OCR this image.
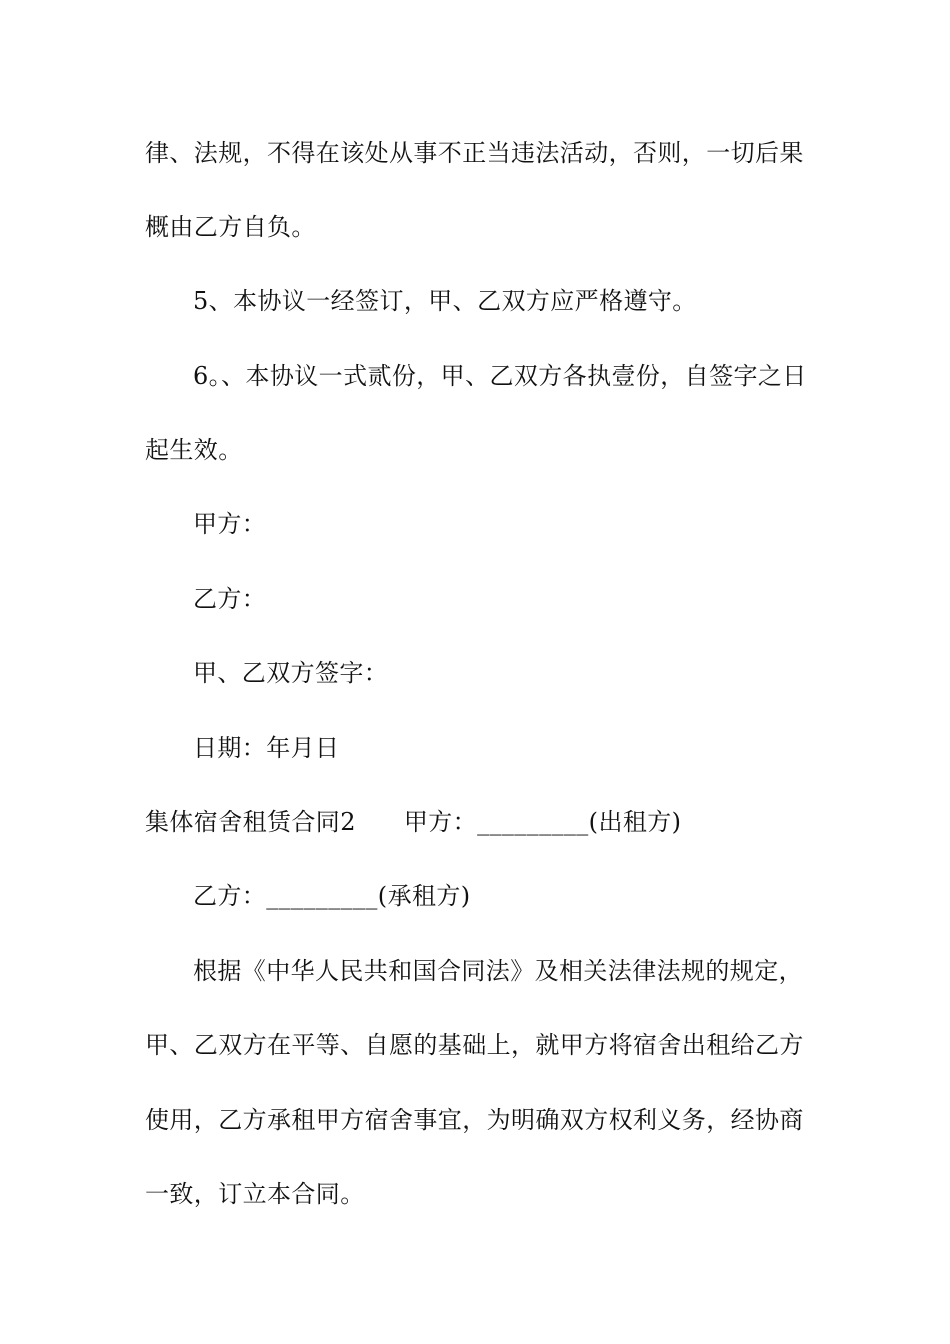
律、法规，不得在该处从事不正当违法活动，否则，一切后果
概由乙方自负。
5、本协议一经签订，甲、乙双方应严格遵守。
6。、本协议一式贰份，甲、乙双方各执壹份，自签字之日
起生效。
甲方：
乙方：
甲、乙双方签字：
日期：年月日
集体宿舍租赁合同2 甲方：_________(出租方)
乙方：_________(承租方)
根据《中华人民共和国合同法》及相关法律法规的规定，
甲、乙双方在平等、自愿的基础上，就甲方将宿舍出租给乙方
使用，乙方承租甲方宿舍事宜，为明确双方权利义务，经协商
一致，订立本合同。
